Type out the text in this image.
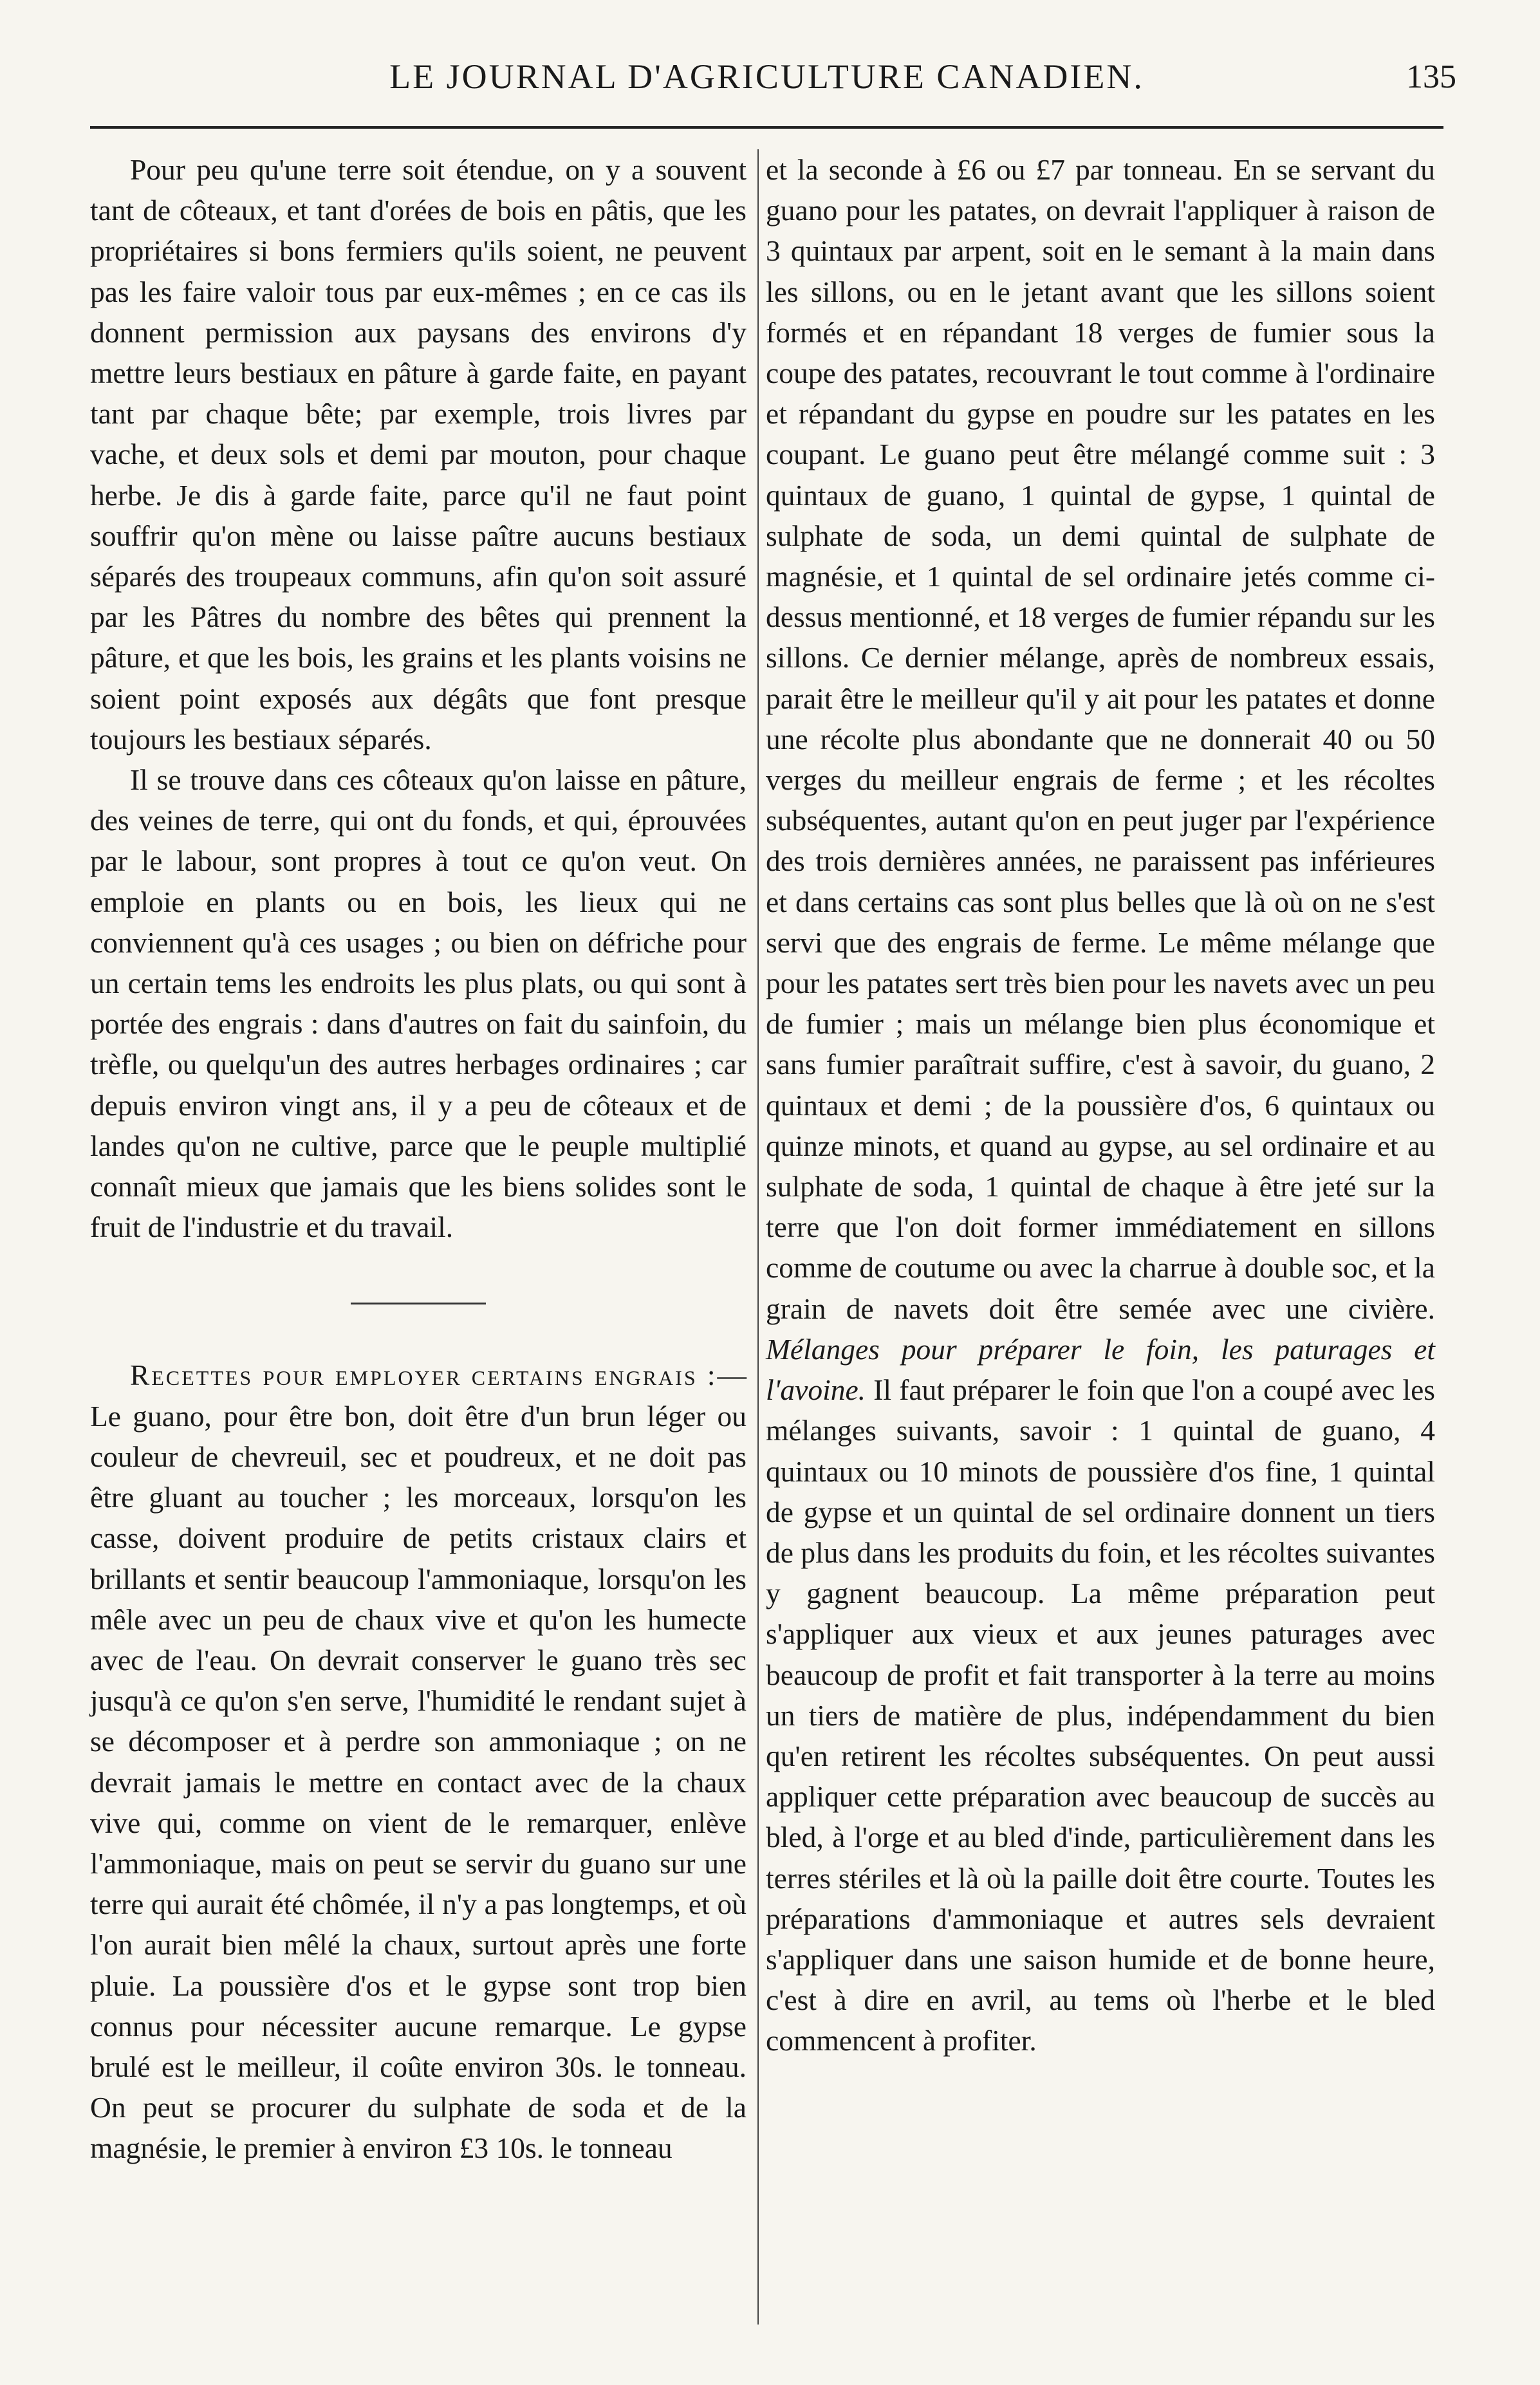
LE JOURNAL D'AGRICULTURE CANADIEN.	135

Pour peu qu'une terre soit étendue, on y a souvent tant de côteaux, et tant d'orées de bois en pâtis, que les propriétaires si bons fermiers qu'ils soient, ne peuvent pas les faire valoir tous par eux-mêmes ; en ce cas ils donnent permission aux paysans des environs d'y mettre leurs bestiaux en pâture à garde faite, en payant tant par chaque bête; par exemple, trois livres par vache, et deux sols et demi par mouton, pour chaque herbe. Je dis à garde faite, parce qu'il ne faut point souffrir qu'on mène ou laisse paître aucuns bestiaux séparés des troupeaux communs, afin qu'on soit assuré par les Pâtres du nombre des bêtes qui prennent la pâture, et que les bois, les grains et les plants voisins ne soient point exposés aux dégâts que font presque toujours les bestiaux séparés.

Il se trouve dans ces côteaux qu'on laisse en pâture, des veines de terre, qui ont du fonds, et qui, éprouvées par le labour, sont propres à tout ce qu'on veut. On emploie en plants ou en bois, les lieux qui ne conviennent qu'à ces usages ; ou bien on défriche pour un certain tems les endroits les plus plats, ou qui sont à portée des engrais : dans d'autres on fait du sainfoin, du trèfle, ou quelqu'un des autres herbages ordinaires ; car depuis environ vingt ans, il y a peu de côteaux et de landes qu'on ne cultive, parce que le peuple multiplié connaît mieux que jamais que les biens solides sont le fruit de l'industrie et du travail.

Recettes pour employer certains engrais :—Le guano, pour être bon, doit être d'un brun léger ou couleur de chevreuil, sec et poudreux, et ne doit pas être gluant au toucher ; les morceaux, lorsqu'on les casse, doivent produire de petits cristaux clairs et brillants et sentir beaucoup l'ammoniaque, lorsqu'on les mêle avec un peu de chaux vive et qu'on les humecte avec de l'eau. On devrait conserver le guano très sec jusqu'à ce qu'on s'en serve, l'humidité le rendant sujet à se décomposer et à perdre son ammoniaque ; on ne devrait jamais le mettre en contact avec de la chaux vive qui, comme on vient de le remarquer, enlève l'ammoniaque, mais on peut se servir du guano sur une terre qui aurait été chômée, il n'y a pas longtemps, et où l'on aurait bien mêlé la chaux, surtout après une forte pluie. La poussière d'os et le gypse sont trop bien connus pour nécessiter aucune remarque. Le gypse brulé est le meilleur, il coûte environ 30s. le tonneau. On peut se procurer du sulphate de soda et de la magnésie, le premier à environ £3 10s. le tonneau

et la seconde à £6 ou £7 par tonneau. En se servant du guano pour les patates, on devrait l'appliquer à raison de 3 quintaux par arpent, soit en le semant à la main dans les sillons, ou en le jetant avant que les sillons soient formés et en répandant 18 verges de fumier sous la coupe des patates, recouvrant le tout comme à l'ordinaire et répandant du gypse en poudre sur les patates en les coupant. Le guano peut être mélangé comme suit : 3 quintaux de guano, 1 quintal de gypse, 1 quintal de sulphate de soda, un demi quintal de sulphate de magnésie, et 1 quintal de sel ordinaire jetés comme ci-dessus mentionné, et 18 verges de fumier répandu sur les sillons. Ce dernier mélange, après de nombreux essais, parait être le meilleur qu'il y ait pour les patates et donne une récolte plus abondante que ne donnerait 40 ou 50 verges du meilleur engrais de ferme ; et les récoltes subséquentes, autant qu'on en peut juger par l'expérience des trois dernières années, ne paraissent pas inférieures et dans certains cas sont plus belles que là où on ne s'est servi que des engrais de ferme. Le même mélange que pour les patates sert très bien pour les navets avec un peu de fumier ; mais un mélange bien plus économique et sans fumier paraîtrait suffire, c'est à savoir, du guano, 2 quintaux et demi ; de la poussière d'os, 6 quintaux ou quinze minots, et quand au gypse, au sel ordinaire et au sulphate de soda, 1 quintal de chaque à être jeté sur la terre que l'on doit former immédiatement en sillons comme de coutume ou avec la charrue à double soc, et la grain de navets doit être semée avec une civière. Mélanges pour préparer le foin, les paturages et l'avoine. Il faut préparer le foin que l'on a coupé avec les mélanges suivants, savoir : 1 quintal de guano, 4 quintaux ou 10 minots de poussière d'os fine, 1 quintal de gypse et un quintal de sel ordinaire donnent un tiers de plus dans les produits du foin, et les récoltes suivantes y gagnent beaucoup. La même préparation peut s'appliquer aux vieux et aux jeunes paturages avec beaucoup de profit et fait transporter à la terre au moins un tiers de matière de plus, indépendamment du bien qu'en retirent les récoltes subséquentes. On peut aussi appliquer cette préparation avec beaucoup de succès au bled, à l'orge et au bled d'inde, particulièrement dans les terres stériles et là où la paille doit être courte. Toutes les préparations d'ammoniaque et autres sels devraient s'appliquer dans une saison humide et de bonne heure, c'est à dire en avril, au tems où l'herbe et le bled commencent à profiter.
